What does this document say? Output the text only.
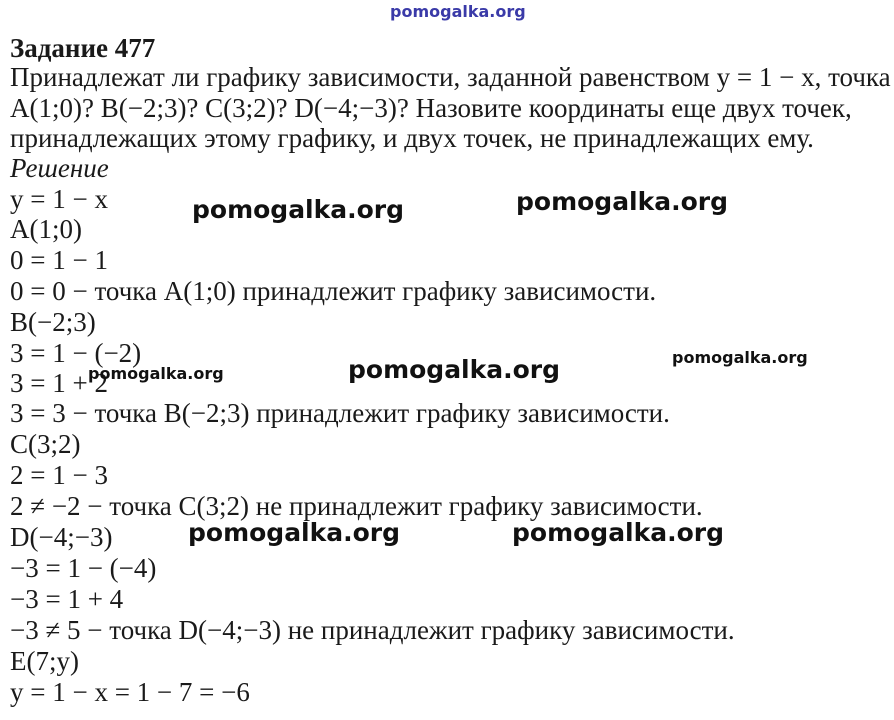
pomogalka.org
Задание 477
Принадлежат ли графику зависимости, заданной равенством y = 1 − x, точка
A(1;0)? B(−2;3)? C(3;2)? D(−4;−3)? Назовите координаты еще двух точек,
принадлежащих этому графику, и двух точек, не принадлежащих ему.
Решение
y = 1 − x
A(1;0)
0 = 1 − 1
0 = 0 − точка A(1;0) принадлежит графику зависимости.
B(−2;3)
3 = 1 − (−2)
3 = 1 + 2
3 = 3 − точка B(−2;3) принадлежит графику зависимости.
C(3;2)
2 = 1 − 3
2 ≠ −2 − точка C(3;2) не принадлежит графику зависимости.
D(−4;−3)
−3 = 1 − (−4)
−3 = 1 + 4
−3 ≠ 5 − точка D(−4;−3) не принадлежит графику зависимости.
E(7;y)
y = 1 − x = 1 − 7 = −6
pomogalka.org	pomogalka.org
pomogalka.org
pomogalka.org
pomogalka.org
pomogalka.org	pomogalka.org
